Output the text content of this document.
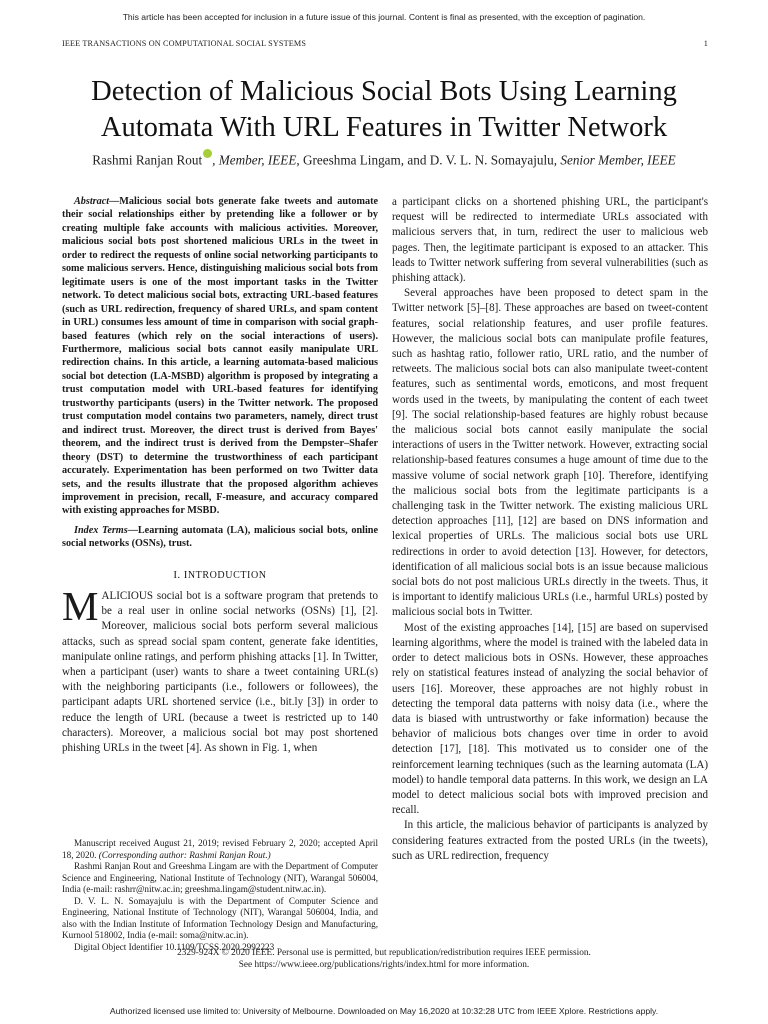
This article has been accepted for inclusion in a future issue of this journal. Content is final as presented, with the exception of pagination.
IEEE TRANSACTIONS ON COMPUTATIONAL SOCIAL SYSTEMS	1
Detection of Malicious Social Bots Using Learning
Automata With URL Features in Twitter Network
Rashmi Ranjan Rout , Member, IEEE, Greeshma Lingam, and D. V. L. N. Somayajulu, Senior Member, IEEE

Abstract—Malicious social bots generate fake tweets and automate their social relationships either by pretending like a follower or by creating multiple fake accounts with malicious activities. Moreover, malicious social bots post shortened malicious URLs in the tweet in order to redirect the requests of online social networking participants to some malicious servers. Hence, distinguishing malicious social bots from legitimate users is one of the most important tasks in the Twitter network. To detect malicious social bots, extracting URL-based features (such as URL redirection, frequency of shared URLs, and spam content in URL) consumes less amount of time in comparison with social graph-based features (which rely on the social interactions of users). Furthermore, malicious social bots cannot easily manipulate URL redirection chains. In this article, a learning automata-based malicious social bot detection (LA-MSBD) algorithm is proposed by integrating a trust computation model with URL-based features for identifying trustworthy participants (users) in the Twitter network. The proposed trust computation model contains two parameters, namely, direct trust and indirect trust. Moreover, the direct trust is derived from Bayes' theorem, and the indirect trust is derived from the Dempster–Shafer theory (DST) to determine the trustworthiness of each participant accurately. Experimentation has been performed on two Twitter data sets, and the results illustrate that the proposed algorithm achieves improvement in precision, recall, F-measure, and accuracy compared with existing approaches for MSBD.

Index Terms—Learning automata (LA), malicious social bots, online social networks (OSNs), trust.

I. INTRODUCTION

MALICIOUS social bot is a software program that pretends to be a real user in online social networks (OSNs) [1], [2]. Moreover, malicious social bots perform several malicious attacks, such as spread social spam content, generate fake identities, manipulate online ratings, and perform phishing attacks [1]. In Twitter, when a participant (user) wants to share a tweet containing URL(s) with the neighboring participants (i.e., followers or followees), the participant adapts URL shortened service (i.e., bit.ly [3]) in order to reduce the length of URL (because a tweet is restricted up to 140 characters). Moreover, a malicious social bot may post shortened phishing URLs in the tweet [4]. As shown in Fig. 1, when

Manuscript received August 21, 2019; revised February 2, 2020; accepted April 18, 2020. (Corresponding author: Rashmi Ranjan Rout.)

Rashmi Ranjan Rout and Greeshma Lingam are with the Department of Computer Science and Engineering, National Institute of Technology (NIT), Warangal 506004, India (e-mail: rashrr@nitw.ac.in; greeshma.lingam@student.nitw.ac.in).

D. V. L. N. Somayajulu is with the Department of Computer Science and Engineering, National Institute of Technology (NIT), Warangal 506004, India, and also with the Indian Institute of Information Technology Design and Manufacturing, Kurnool 518002, India (e-mail: soma@nitw.ac.in).

Digital Object Identifier 10.1109/TCSS.2020.2992223

a participant clicks on a shortened phishing URL, the participant's request will be redirected to intermediate URLs associated with malicious servers that, in turn, redirect the user to malicious web pages. Then, the legitimate participant is exposed to an attacker. This leads to Twitter network suffering from several vulnerabilities (such as phishing attack).

Several approaches have been proposed to detect spam in the Twitter network [5]–[8]. These approaches are based on tweet-content features, social relationship features, and user profile features. However, the malicious social bots can manipulate profile features, such as hashtag ratio, follower ratio, URL ratio, and the number of retweets. The malicious social bots can also manipulate tweet-content features, such as sentimental words, emoticons, and most frequent words used in the tweets, by manipulating the content of each tweet [9]. The social relationship-based features are highly robust because the malicious social bots cannot easily manipulate the social interactions of users in the Twitter network. However, extracting social relationship-based features consumes a huge amount of time due to the massive volume of social network graph [10]. Therefore, identifying the malicious social bots from the legitimate participants is a challenging task in the Twitter network. The existing malicious URL detection approaches [11], [12] are based on DNS information and lexical properties of URLs. The malicious social bots use URL redirections in order to avoid detection [13]. However, for detectors, identification of all malicious social bots is an issue because malicious social bots do not post malicious URLs directly in the tweets. Thus, it is important to identify malicious URLs (i.e., harmful URLs) posted by malicious social bots in Twitter.

Most of the existing approaches [14], [15] are based on supervised learning algorithms, where the model is trained with the labeled data in order to detect malicious bots in OSNs. However, these approaches rely on statistical features instead of analyzing the social behavior of users [16]. Moreover, these approaches are not highly robust in detecting the temporal data patterns with noisy data (i.e., where the data is biased with untrustworthy or fake information) because the behavior of malicious bots changes over time in order to avoid detection [17], [18]. This motivated us to consider one of the reinforcement learning techniques (such as the learning automata (LA) model) to handle temporal data patterns. In this work, we design an LA model to detect malicious social bots with improved precision and recall.

In this article, the malicious behavior of participants is analyzed by considering features extracted from the posted URLs (in the tweets), such as URL redirection, frequency

2329-924X © 2020 IEEE. Personal use is permitted, but republication/redistribution requires IEEE permission.
See https://www.ieee.org/publications/rights/index.html for more information.
Authorized licensed use limited to: University of Melbourne. Downloaded on May 16,2020 at 10:32:28 UTC from IEEE Xplore. Restrictions apply.
